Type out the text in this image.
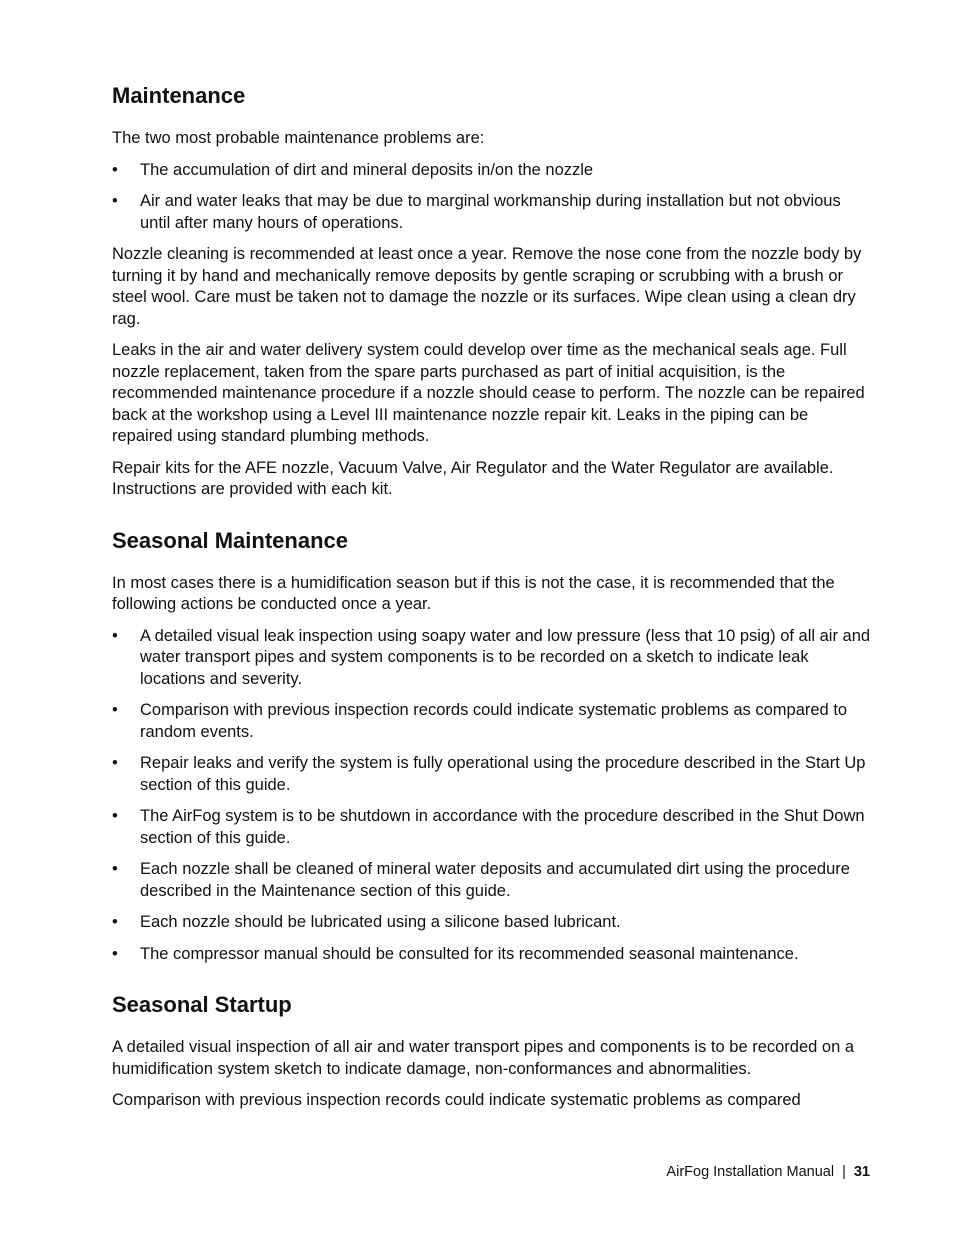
Maintenance

The two most probable maintenance problems are:

•	The accumulation of dirt and mineral deposits in/on the nozzle
•	Air and water leaks that may be due to marginal workmanship during installation but not obvious until after many hours of operations.

Nozzle cleaning is recommended at least once a year. Remove the nose cone from the nozzle body by turning it by hand and mechanically remove deposits by gentle scraping or scrubbing with a brush or steel wool. Care must be taken not to damage the nozzle or its surfaces. Wipe clean using a clean dry rag.

Leaks in the air and water delivery system could develop over time as the mechanical seals age. Full nozzle replacement, taken from the spare parts purchased as part of initial acquisition, is the recommended maintenance procedure if a nozzle should cease to perform. The nozzle can be repaired back at the workshop using a Level III maintenance nozzle repair kit. Leaks in the piping can be repaired using standard plumbing methods.

Repair kits for the AFE nozzle, Vacuum Valve, Air Regulator and the Water Regulator are available. Instructions are provided with each kit.

Seasonal Maintenance

In most cases there is a humidification season but if this is not the case, it is recommended that the following actions be conducted once a year.

•	A detailed visual leak inspection using soapy water and low pressure (less that 10 psig) of all air and water transport pipes and system components is to be recorded on a sketch to indicate leak locations and severity.
•	Comparison with previous inspection records could indicate systematic problems as compared to random events.
•	Repair leaks and verify the system is fully operational using the procedure described in the Start Up section of this guide.
•	The AirFog system is to be shutdown in accordance with the procedure described in the Shut Down section of this guide.
•	Each nozzle shall be cleaned of mineral water deposits and accumulated dirt using the procedure described in the Maintenance section of this guide.
•	Each nozzle should be lubricated using a silicone based lubricant.
•	The compressor manual should be consulted for its recommended seasonal maintenance.
Seasonal Startup

A detailed visual inspection of all air and water transport pipes and components is to be recorded on a humidification system sketch to indicate damage, non-conformances and abnormalities.

Comparison with previous inspection records could indicate systematic problems as compared

AirFog Installation Manual | 31
